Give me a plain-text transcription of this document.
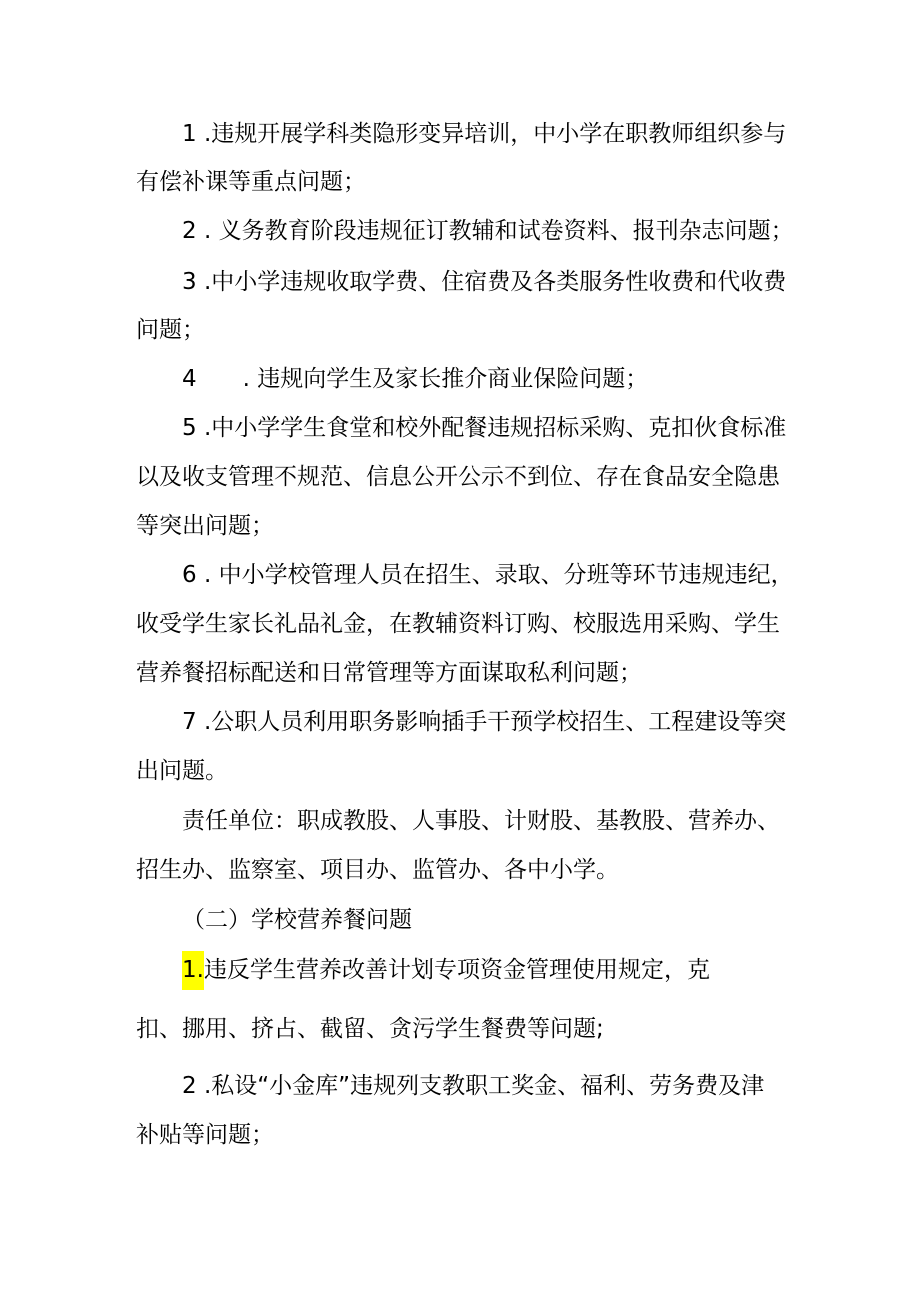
1 .违规开展学科类隐形变异培训，中小学在职教师组织参与
有偿补课等重点问题；
2 . 义务教育阶段违规征订教辅和试卷资料、报刊杂志问题；
3 .中小学违规收取学费、住宿费及各类服务性收费和代收费
问题；
4　　. 违规向学生及家长推介商业保险问题；
5 .中小学学生食堂和校外配餐违规招标采购、克扣伙食标准
以及收支管理不规范、信息公开公示不到位、存在食品安全隐患
等突出问题；
6 . 中小学校管理人员在招生、录取、分班等环节违规违纪，
收受学生家长礼品礼金，在教辅资料订购、校服选用采购、学生
营养餐招标配送和日常管理等方面谋取私利问题；
7 .公职人员利用职务影响插手干预学校招生、工程建设等突
出问题。
责任单位：职成教股、人事股、计财股、基教股、营养办、
招生办、监察室、项目办、监管办、各中小学。
（二）学校营养餐问题
1.违反学生营养改善计划专项资金管理使用规定，克
扣、挪用、挤占、截留、贪污学生餐费等问题;
2 .私设“小金库”违规列支教职工奖金、福利、劳务费及津
补贴等问题；
